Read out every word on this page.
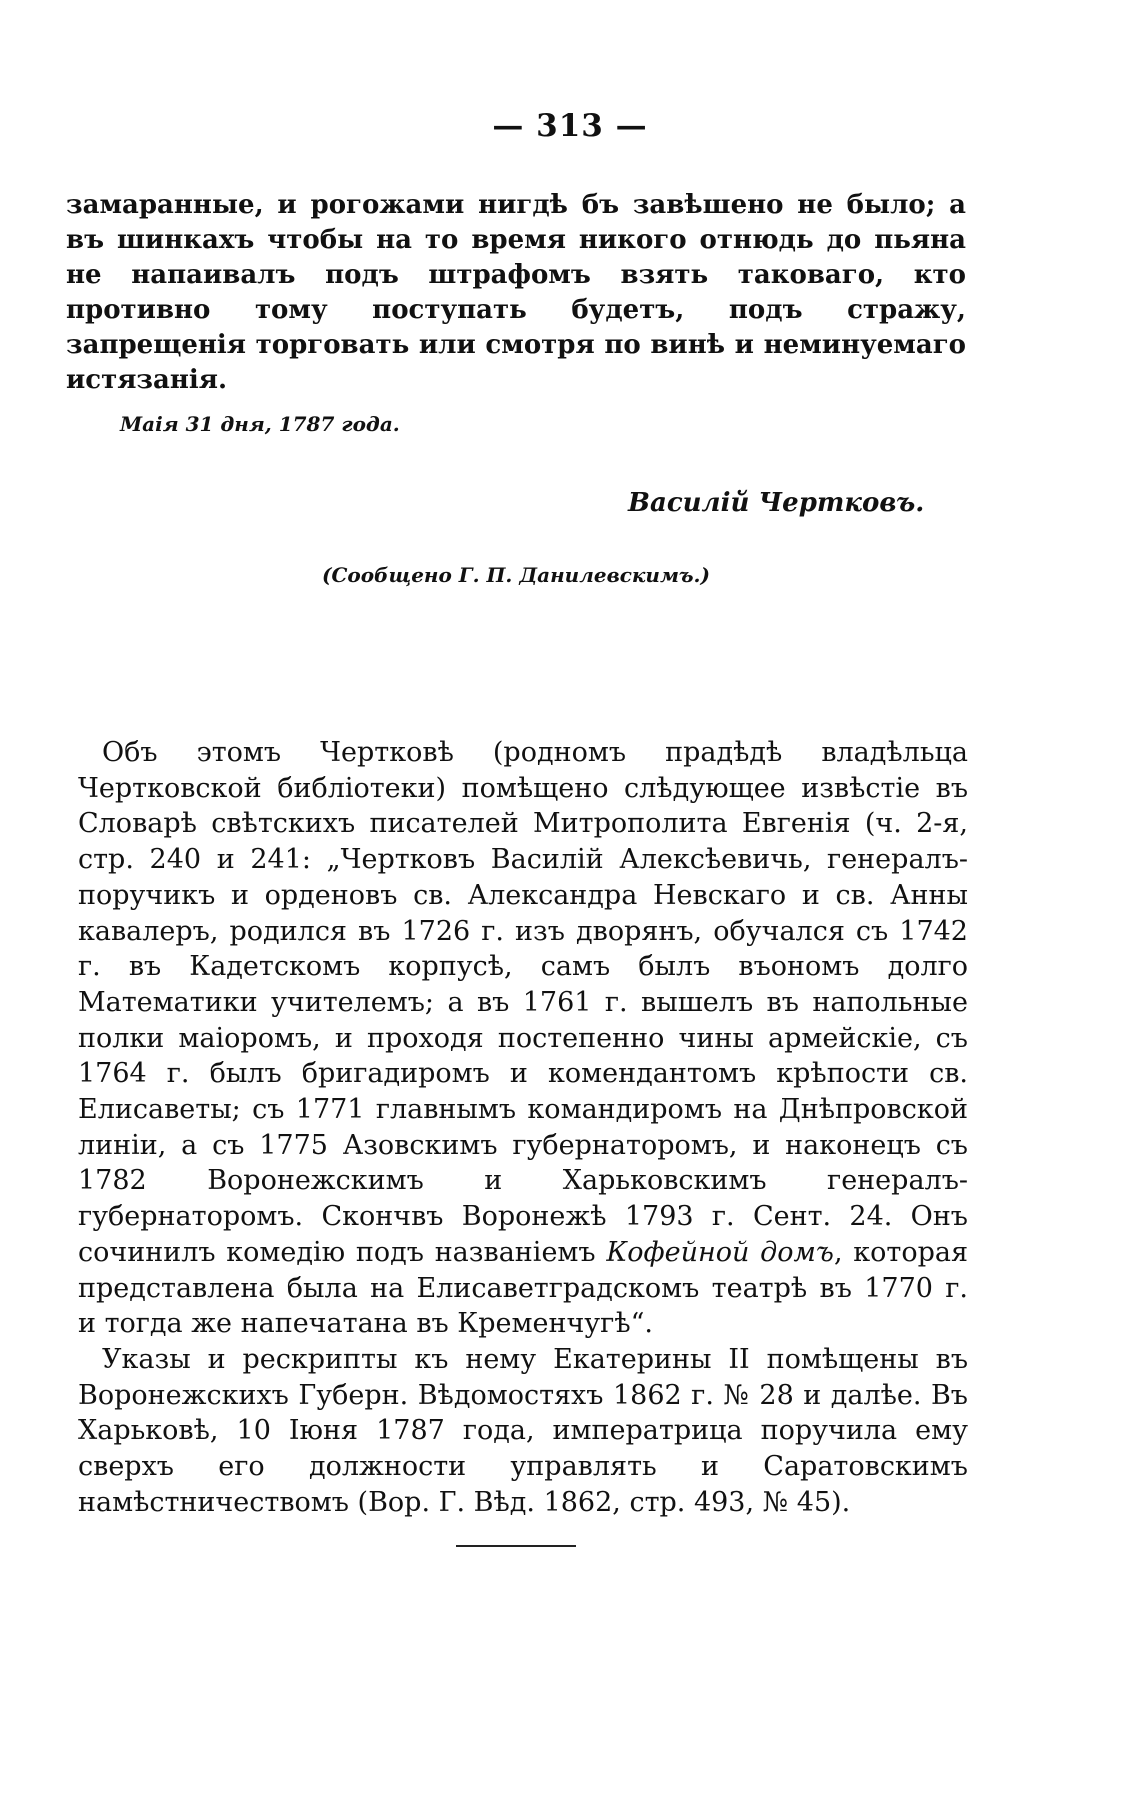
— 313 —

замаранные, и рогожами нигдѣ бъ завѣшено не было; а въ шинкахъ чтобы на то время никого отнюдь до пьяна не напаивалъ подъ штрафомъ взять таковаго, кто противно тому поступать будетъ, подъ стражу, запрещенія торговать или смотря по винѣ и неминуемаго истязанія.

Маія 31 дня, 1787 года.
Василій Чертковъ.
(Сообщено Г. П. Данилевскимъ.)

Объ этомъ Чертковѣ (родномъ прадѣдѣ владѣльца Чертковской библіотеки) помѣщено слѣдующее извѣстіе въ Словарѣ свѣтскихъ писателей Митрополита Евгенія (ч. 2-я, стр. 240 и 241: „Чертковъ Василій Алексѣевичь, генералъ-поручикъ и орденовъ св. Александра Невскаго и св. Анны кавалеръ, родился въ 1726 г. изъ дворянъ, обучался съ 1742 г. въ Кадетскомъ корпусѣ, самъ былъ въономъ долго Математики учителемъ; а въ 1761 г. вышелъ въ напольные полки маіоромъ, и проходя постепенно чины армейскіе, съ 1764 г. былъ бригадиромъ и комендантомъ крѣпости св. Елисаветы; съ 1771 главнымъ командиромъ на Днѣпровской линіи, а съ 1775 Азовскимъ губернаторомъ, и наконецъ съ 1782 Воронежскимъ и Харьковскимъ генералъ-губернаторомъ. Скончвъ Воронежѣ 1793 г. Сент. 24. Онъ сочинилъ комедію подъ названіемъ Кофейной домъ, которая представлена была на Елисаветградскомъ театрѣ въ 1770 г. и тогда же напечатана въ Кременчугѣ“.

Указы и рескрипты къ нему Екатерины II помѣщены въ Воронежскихъ Губерн. Вѣдомостяхъ 1862 г. № 28 и далѣе. Въ Харьковѣ, 10 Іюня 1787 года, императрица поручила ему сверхъ его должности управлять и Саратовскимъ намѣстничествомъ (Вор. Г. Вѣд. 1862, стр. 493, № 45).
